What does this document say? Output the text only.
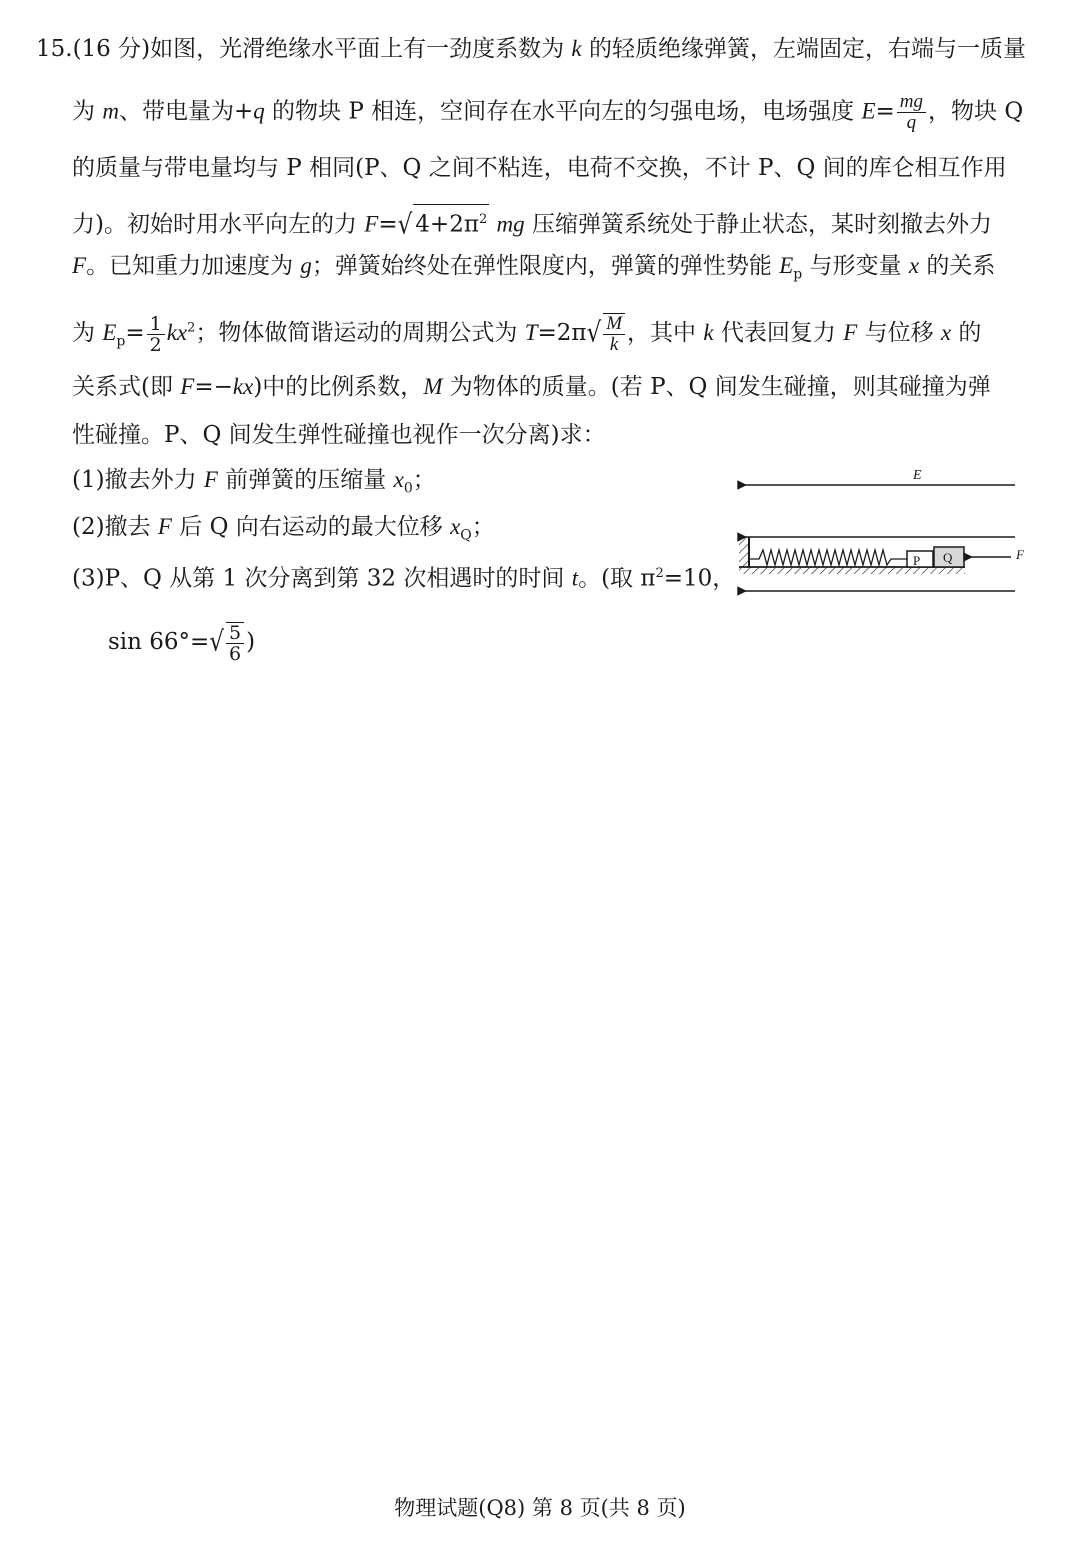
15.(16 分)如图，光滑绝缘水平面上有一劲度系数为 k 的轻质绝缘弹簧，左端固定，右端与一质量
为 m、带电量为+q 的物块 P 相连，空间存在水平向左的匀强电场，电场强度 $E= \frac{mg}{q}$ ，物块 Q
的质量与带电量均与 P 相同(P、Q 之间不粘连，电荷不交换，不计 P、Q 间的库仑相互作用
力)。初始时用水平向左的力 F=√ $4+2\pi^2$ mg 压缩弹簧系统处于静止状态，某时刻撤去外力
F。已知重力加速度为 g；弹簧始终处在弹性限度内，弹簧的弹性势能 $E_p$ 与形变量 x 的关系
为 $E_p= \frac{1}{2} kx^2$；物体做简谐运动的周期公式为 $T=2\pi√ \frac{M}{k}$ ，其中 k 代表回复力 F 与位移 x 的
关系式(即 F=−kx)中的比例系数，M 为物体的质量。(若 P、Q 间发生碰撞，则其碰撞为弹
性碰撞。P、Q 间发生弹性碰撞也视作一次分离)求：
(1)撤去外力 F 前弹簧的压缩量 $x_0$；
(2)撤去 F 后 Q 向右运动的最大位移 $x_Q$；
(3)P、Q 从第 1 次分离到第 32 次相遇时的时间 t。(取 $\pi^2=10$，
$\sin 66^\circ=√ \frac{5}{6}$ )
E
P Q	F
物理试题(Q8) 第 8 页(共 8 页)
